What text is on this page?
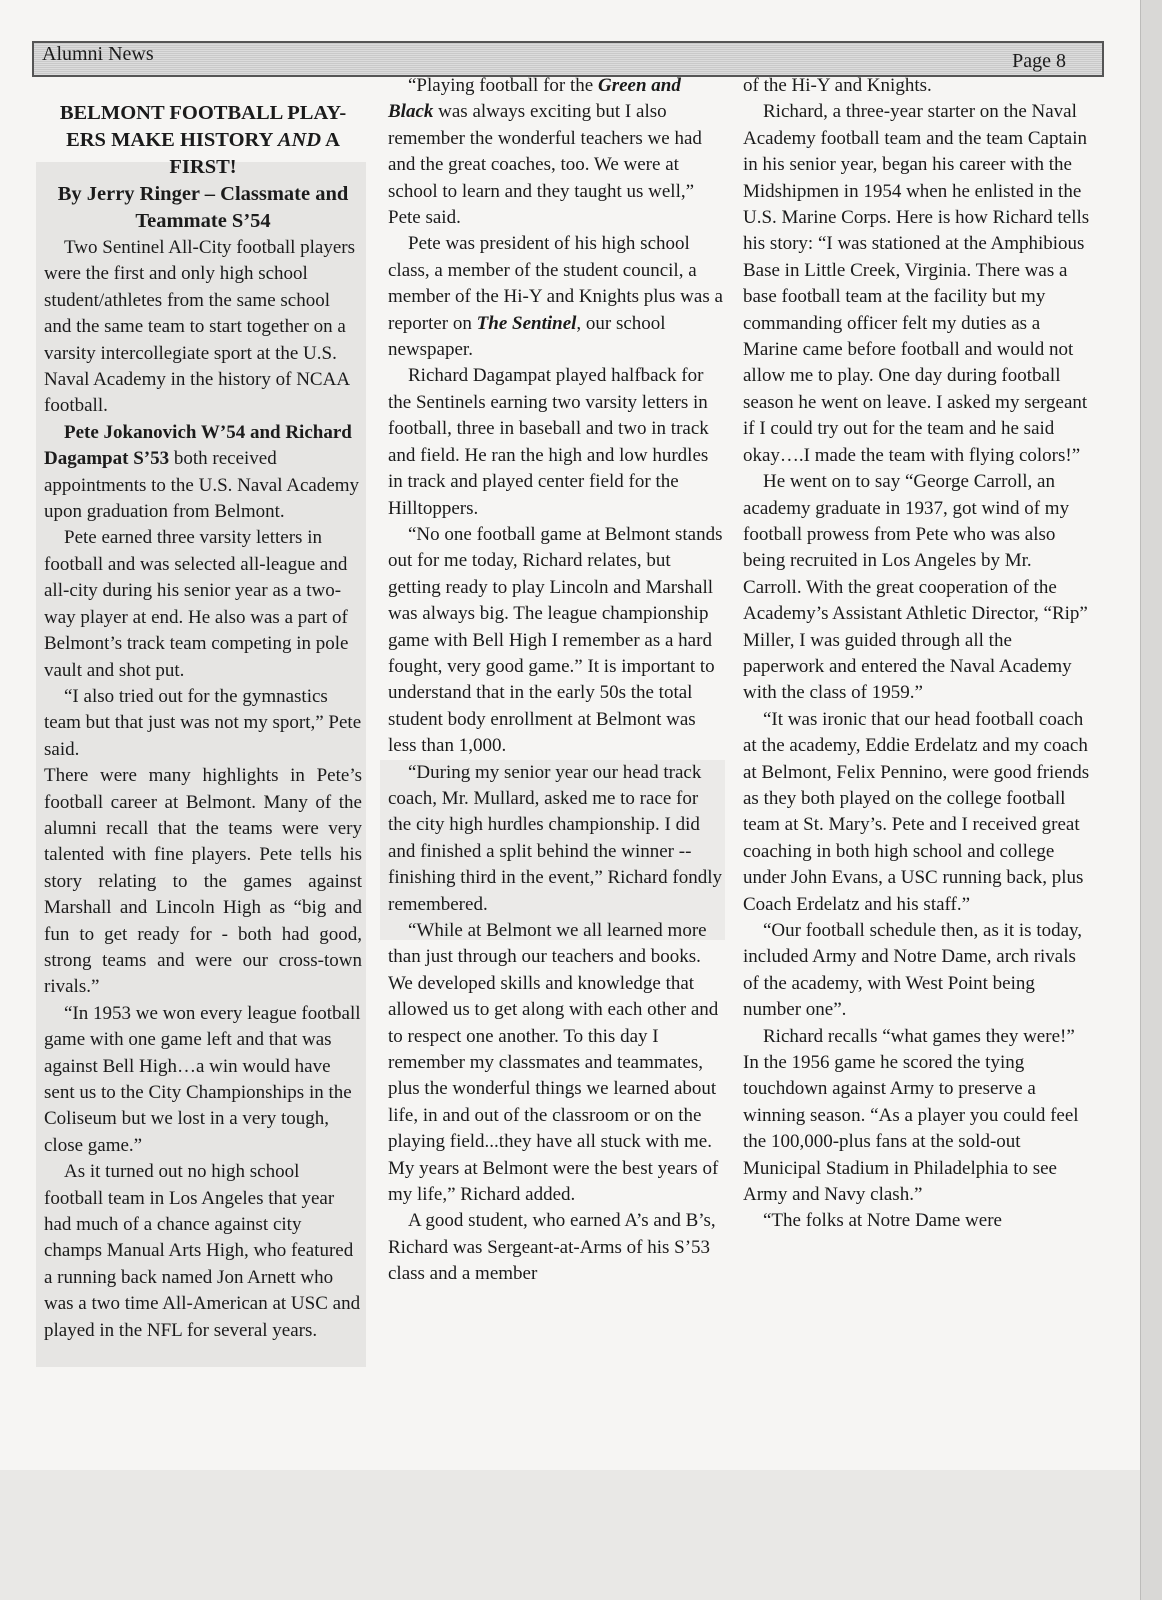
Alumni News	Page 8

BELMONT FOOTBALL PLAY-ERS MAKE HISTORY AND A FIRST!

By Jerry Ringer – Classmate and Teammate S’54

Two Sentinel All-City football players were the first and only high school student/athletes from the same school and the same team to start together on a varsity intercollegiate sport at the U.S. Naval Academy in the history of NCAA football.

Pete Jokanovich W’54 and Richard Dagampat S’53 both received appointments to the U.S. Naval Academy upon graduation from Belmont.

Pete earned three varsity letters in football and was selected all-league and all-city during his senior year as a two-way player at end. He also was a part of Belmont’s track team competing in pole vault and shot put.

“I also tried out for the gymnastics team but that just was not my sport,” Pete said.

There were many highlights in Pete’s football career at Belmont. Many of the alumni recall that the teams were very talented with fine players. Pete tells his story relating to the games against Marshall and Lincoln High as “big and fun to get ready for - both had good, strong teams and were our cross-town rivals.”

“In 1953 we won every league football game with one game left and that was against Bell High…a win would have sent us to the City Championships in the Coliseum but we lost in a very tough, close game.”

As it turned out no high school football team in Los Angeles that year had much of a chance against city champs Manual Arts High, who featured a running back named Jon Arnett who was a two time All-American at USC and played in the NFL for several years.

“Playing football for the Green and Black was always exciting but I also remember the wonderful teachers we had and the great coaches, too. We were at school to learn and they taught us well,” Pete said.

Pete was president of his high school class, a member of the student council, a member of the Hi-Y and Knights plus was a reporter on The Sentinel, our school newspaper.

Richard Dagampat played halfback for the Sentinels earning two varsity letters in football, three in baseball and two in track and field. He ran the high and low hurdles in track and played center field for the Hilltoppers.

“No one football game at Belmont stands out for me today, Richard relates, but getting ready to play Lincoln and Marshall was always big. The league championship game with Bell High I remember as a hard fought, very good game.” It is important to understand that in the early 50s the total student body enrollment at Belmont was less than 1,000.

“During my senior year our head track coach, Mr. Mullard, asked me to race for the city high hurdles championship. I did and finished a split behind the winner -- finishing third in the event,” Richard fondly remembered.

“While at Belmont we all learned more than just through our teachers and books. We developed skills and knowledge that allowed us to get along with each other and to respect one another. To this day I remember my classmates and teammates, plus the wonderful things we learned about life, in and out of the classroom or on the playing field...they have all stuck with me. My years at Belmont were the best years of my life,” Richard added.

A good student, who earned A’s and B’s, Richard was Sergeant-at-Arms of his S’53 class and a member

of the Hi-Y and Knights.

Richard, a three-year starter on the Naval Academy football team and the team Captain in his senior year, began his career with the Midshipmen in 1954 when he enlisted in the U.S. Marine Corps. Here is how Richard tells his story: “I was stationed at the Amphibious Base in Little Creek, Virginia. There was a base football team at the facility but my commanding officer felt my duties as a Marine came before football and would not allow me to play. One day during football season he went on leave. I asked my sergeant if I could try out for the team and he said okay….I made the team with flying colors!”

He went on to say “George Carroll, an academy graduate in 1937, got wind of my football prowess from Pete who was also being recruited in Los Angeles by Mr. Carroll. With the great cooperation of the Academy’s Assistant Athletic Director, “Rip” Miller, I was guided through all the paperwork and entered the Naval Academy with the class of 1959.”

“It was ironic that our head football coach at the academy, Eddie Erdelatz and my coach at Belmont, Felix Pennino, were good friends as they both played on the college football team at St. Mary’s. Pete and I received great coaching in both high school and college under John Evans, a USC running back, plus Coach Erdelatz and his staff.”

“Our football schedule then, as it is today, included Army and Notre Dame, arch rivals of the academy, with West Point being number one”.

Richard recalls “what games they were!” In the 1956 game he scored the tying touchdown against Army to preserve a winning season. “As a player you could feel the 100,000-plus fans at the sold-out Municipal Stadium in Philadelphia to see Army and Navy clash.”

“The folks at Notre Dame were
